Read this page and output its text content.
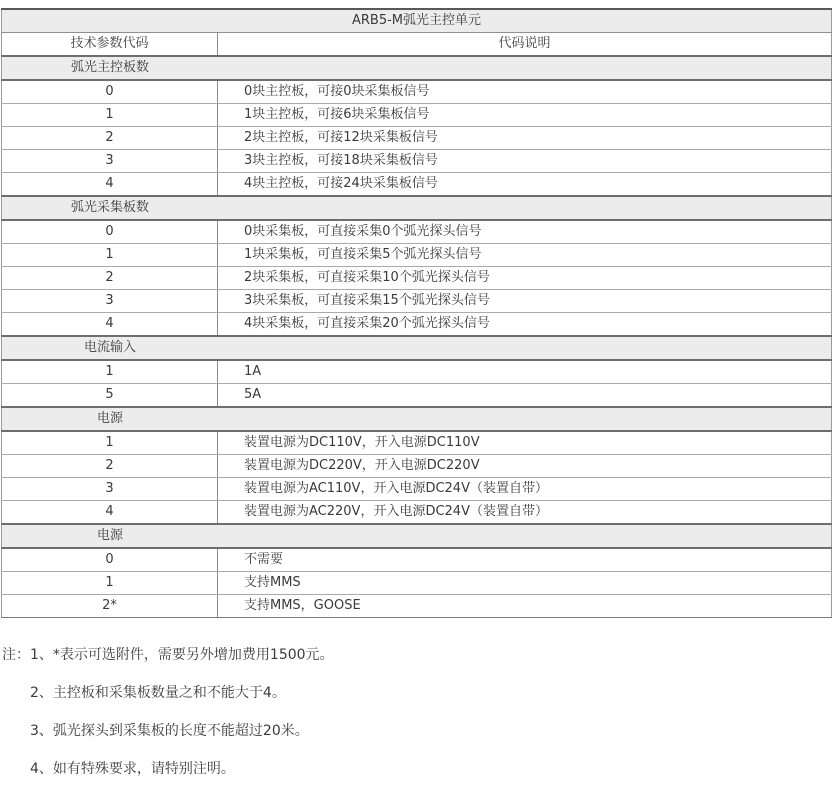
ARB5-M弧光主控单元	
技术参数代码	代码说明

弧光主控板数	

0	0块主控板，可接0块采集板信号
1	1块主控板，可接6块采集板信号
2	2块主控板，可接12块采集板信号
3	3块主控板，可接18块采集板信号
4	4块主控板，可接24块采集板信号

弧光采集板数	

0	0块采集板，可直接采集0个弧光探头信号
1	1块采集板，可直接采集5个弧光探头信号
2	2块采集板，可直接采集10个弧光探头信号
3	3块采集板，可直接采集15个弧光探头信号
4	4块采集板，可直接采集20个弧光探头信号

电流输入	

1	1A
5	5A

电源	

1	装置电源为DC110V，开入电源DC110V
2	装置电源为DC220V，开入电源DC220V
3	装置电源为AC110V，开入电源DC24V（装置自带）
4	装置电源为AC220V，开入电源DC24V（装置自带）

电源	

0	不需要
1	支持MMS
2*	支持MMS，GOOSE
注：1、*表示可选附件，需要另外增加费用1500元。
2、主控板和采集板数量之和不能大于4。
3、弧光探头到采集板的长度不能超过20米。
4、如有特殊要求，请特别注明。
